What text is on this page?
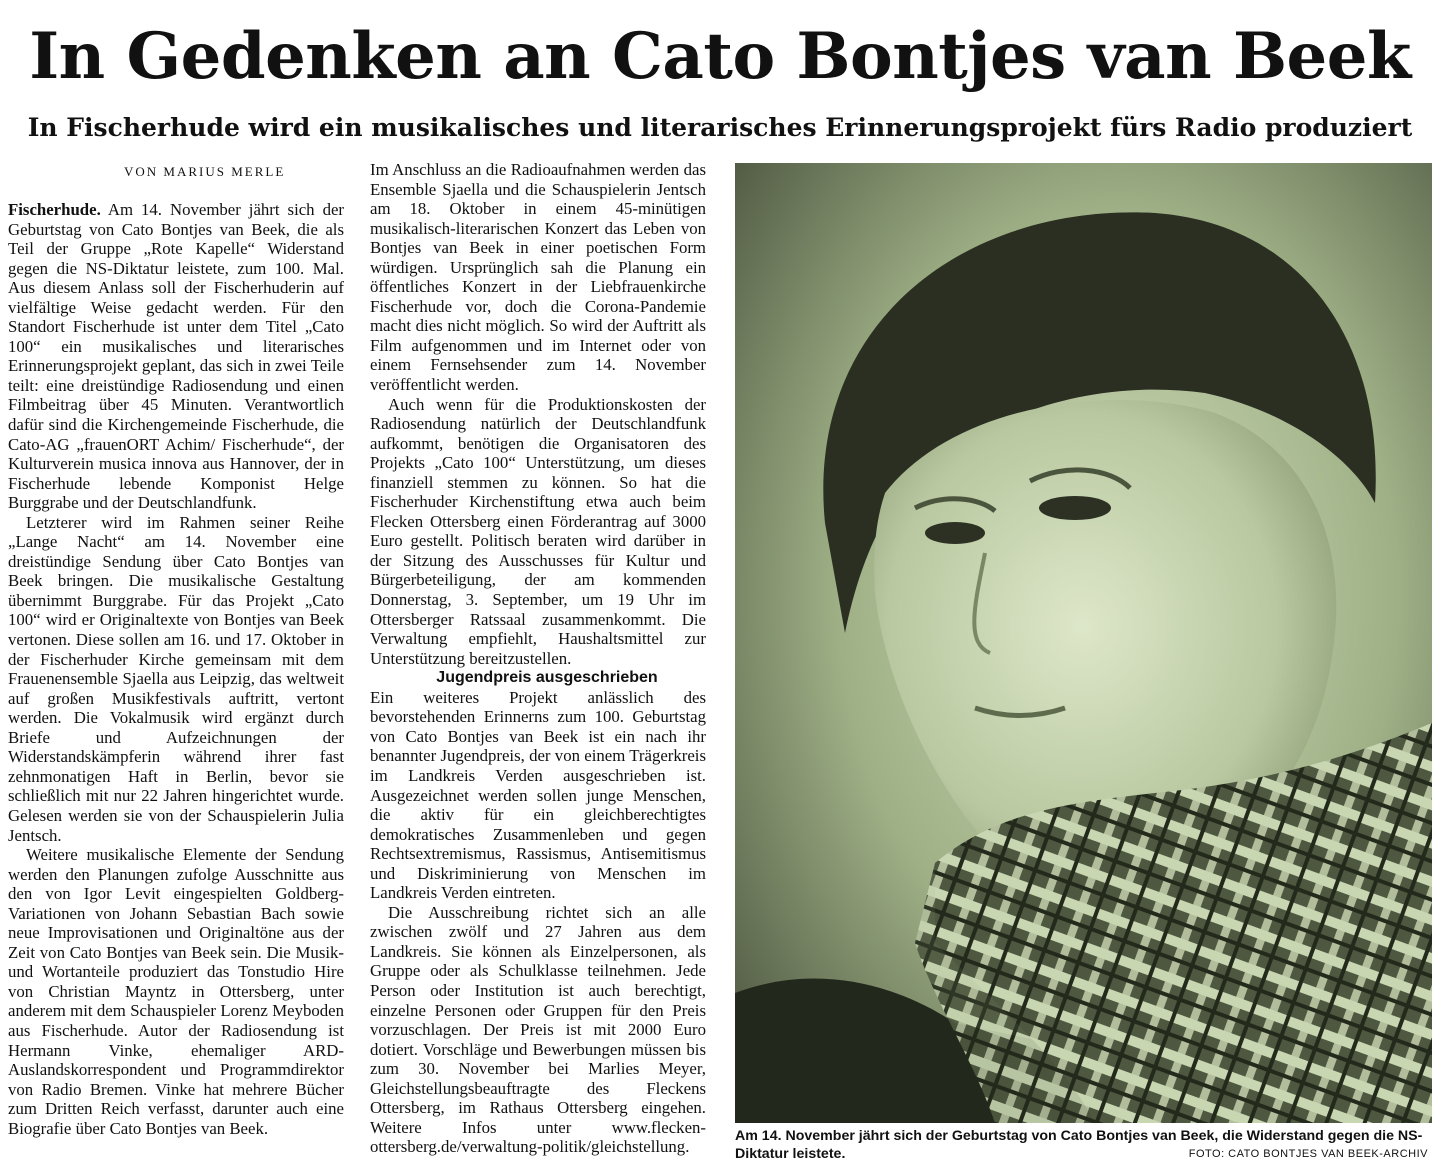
In Gedenken an Cato Bontjes van Beek
In Fischerhude wird ein musikalisches und literarisches Erinnerungsprojekt fürs Radio produziert

VON MARIUS MERLE

Fischerhude. Am 14. November jährt sich der Geburtstag von Cato Bontjes van Beek, die als Teil der Gruppe „Rote Kapelle“ Widerstand gegen die NS-Diktatur leistete, zum 100. Mal. Aus diesem Anlass soll der Fischerhuderin auf vielfältige Weise gedacht werden. Für den Standort Fischerhude ist unter dem Titel „Cato 100“ ein musikalisches und literarisches Erinnerungsprojekt geplant, das sich in zwei Teile teilt: eine dreistündige Radiosendung und einen Filmbeitrag über 45 Minuten. Verantwortlich dafür sind die Kirchengemeinde Fischerhude, die Cato-AG „frauenORT Achim/ Fischerhude“, der Kulturverein musica innova aus Hannover, der in Fischerhude lebende Komponist Helge Burggrabe und der Deutschlandfunk.

Letzterer wird im Rahmen seiner Reihe „Lange Nacht“ am 14. November eine dreistündige Sendung über Cato Bontjes van Beek bringen. Die musikalische Gestaltung übernimmt Burggrabe. Für das Projekt „Cato 100“ wird er Originaltexte von Bontjes van Beek vertonen. Diese sollen am 16. und 17. Oktober in der Fischerhuder Kirche gemeinsam mit dem Frauenensemble Sjaella aus Leipzig, das weltweit auf großen Musikfestivals auftritt, vertont werden. Die Vokalmusik wird ergänzt durch Briefe und Aufzeichnungen der Widerstandskämpferin während ihrer fast zehnmonatigen Haft in Berlin, bevor sie schließlich mit nur 22 Jahren hingerichtet wurde. Gelesen werden sie von der Schauspielerin Julia Jentsch.

Weitere musikalische Elemente der Sendung werden den Planungen zufolge Ausschnitte aus den von Igor Levit eingespielten Goldberg-Variationen von Johann Sebastian Bach sowie neue Improvisationen und Originaltöne aus der Zeit von Cato Bontjes van Beek sein. Die Musik- und Wortanteile produziert das Tonstudio Hire von Christian Mayntz in Ottersberg, unter anderem mit dem Schauspieler Lorenz Meyboden aus Fischerhude. Autor der Radiosendung ist Hermann Vinke, ehemaliger ARD-Auslandskorrespondent und Programmdirektor von Radio Bremen. Vinke hat mehrere Bücher zum Dritten Reich verfasst, darunter auch eine Biografie über Cato Bontjes van Beek.

Im Anschluss an die Radioaufnahmen werden das Ensemble Sjaella und die Schauspielerin Jentsch am 18. Oktober in einem 45-minütigen musikalisch-literarischen Konzert das Leben von Bontjes van Beek in einer poetischen Form würdigen. Ursprünglich sah die Planung ein öffentliches Konzert in der Liebfrauenkirche Fischerhude vor, doch die Corona-Pandemie macht dies nicht möglich. So wird der Auftritt als Film aufgenommen und im Internet oder von einem Fernsehsender zum 14. November veröffentlicht werden.

Auch wenn für die Produktionskosten der Radiosendung natürlich der Deutschlandfunk aufkommt, benötigen die Organisatoren des Projekts „Cato 100“ Unterstützung, um dieses finanziell stemmen zu können. So hat die Fischerhuder Kirchenstiftung etwa auch beim Flecken Ottersberg einen Förderantrag auf 3000 Euro gestellt. Politisch beraten wird darüber in der Sitzung des Ausschusses für Kultur und Bürgerbeteiligung, der am kommenden Donnerstag, 3. September, um 19 Uhr im Ottersberger Ratssaal zusammenkommt. Die Verwaltung empfiehlt, Haushaltsmittel zur Unterstützung bereitzustellen.

Jugendpreis ausgeschrieben

Ein weiteres Projekt anlässlich des bevorstehenden Erinnerns zum 100. Geburtstag von Cato Bontjes van Beek ist ein nach ihr benannter Jugendpreis, der von einem Trägerkreis im Landkreis Verden ausgeschrieben ist. Ausgezeichnet werden sollen junge Menschen, die aktiv für ein gleichberechtigtes demokratisches Zusammenleben und gegen Rechtsextremismus, Rassismus, Antisemitismus und Diskriminierung von Menschen im Landkreis Verden eintreten.

Die Ausschreibung richtet sich an alle zwischen zwölf und 27 Jahren aus dem Landkreis. Sie können als Einzelpersonen, als Gruppe oder als Schulklasse teilnehmen. Jede Person oder Institution ist auch berechtigt, einzelne Personen oder Gruppen für den Preis vorzuschlagen. Der Preis ist mit 2000 Euro dotiert. Vorschläge und Bewerbungen müssen bis zum 30. November bei Marlies Meyer, Gleichstellungsbeauftragte des Fleckens Ottersberg, im Rathaus Ottersberg eingehen. Weitere Infos unter www.flecken-ottersberg.de/verwaltung-politik/gleichstellung.

Am 14. November jährt sich der Geburtstag von Cato Bontjes van Beek, die Widerstand gegen die NS-Diktatur leistete.	FOTO: CATO BONTJES VAN BEEK-ARCHIV
